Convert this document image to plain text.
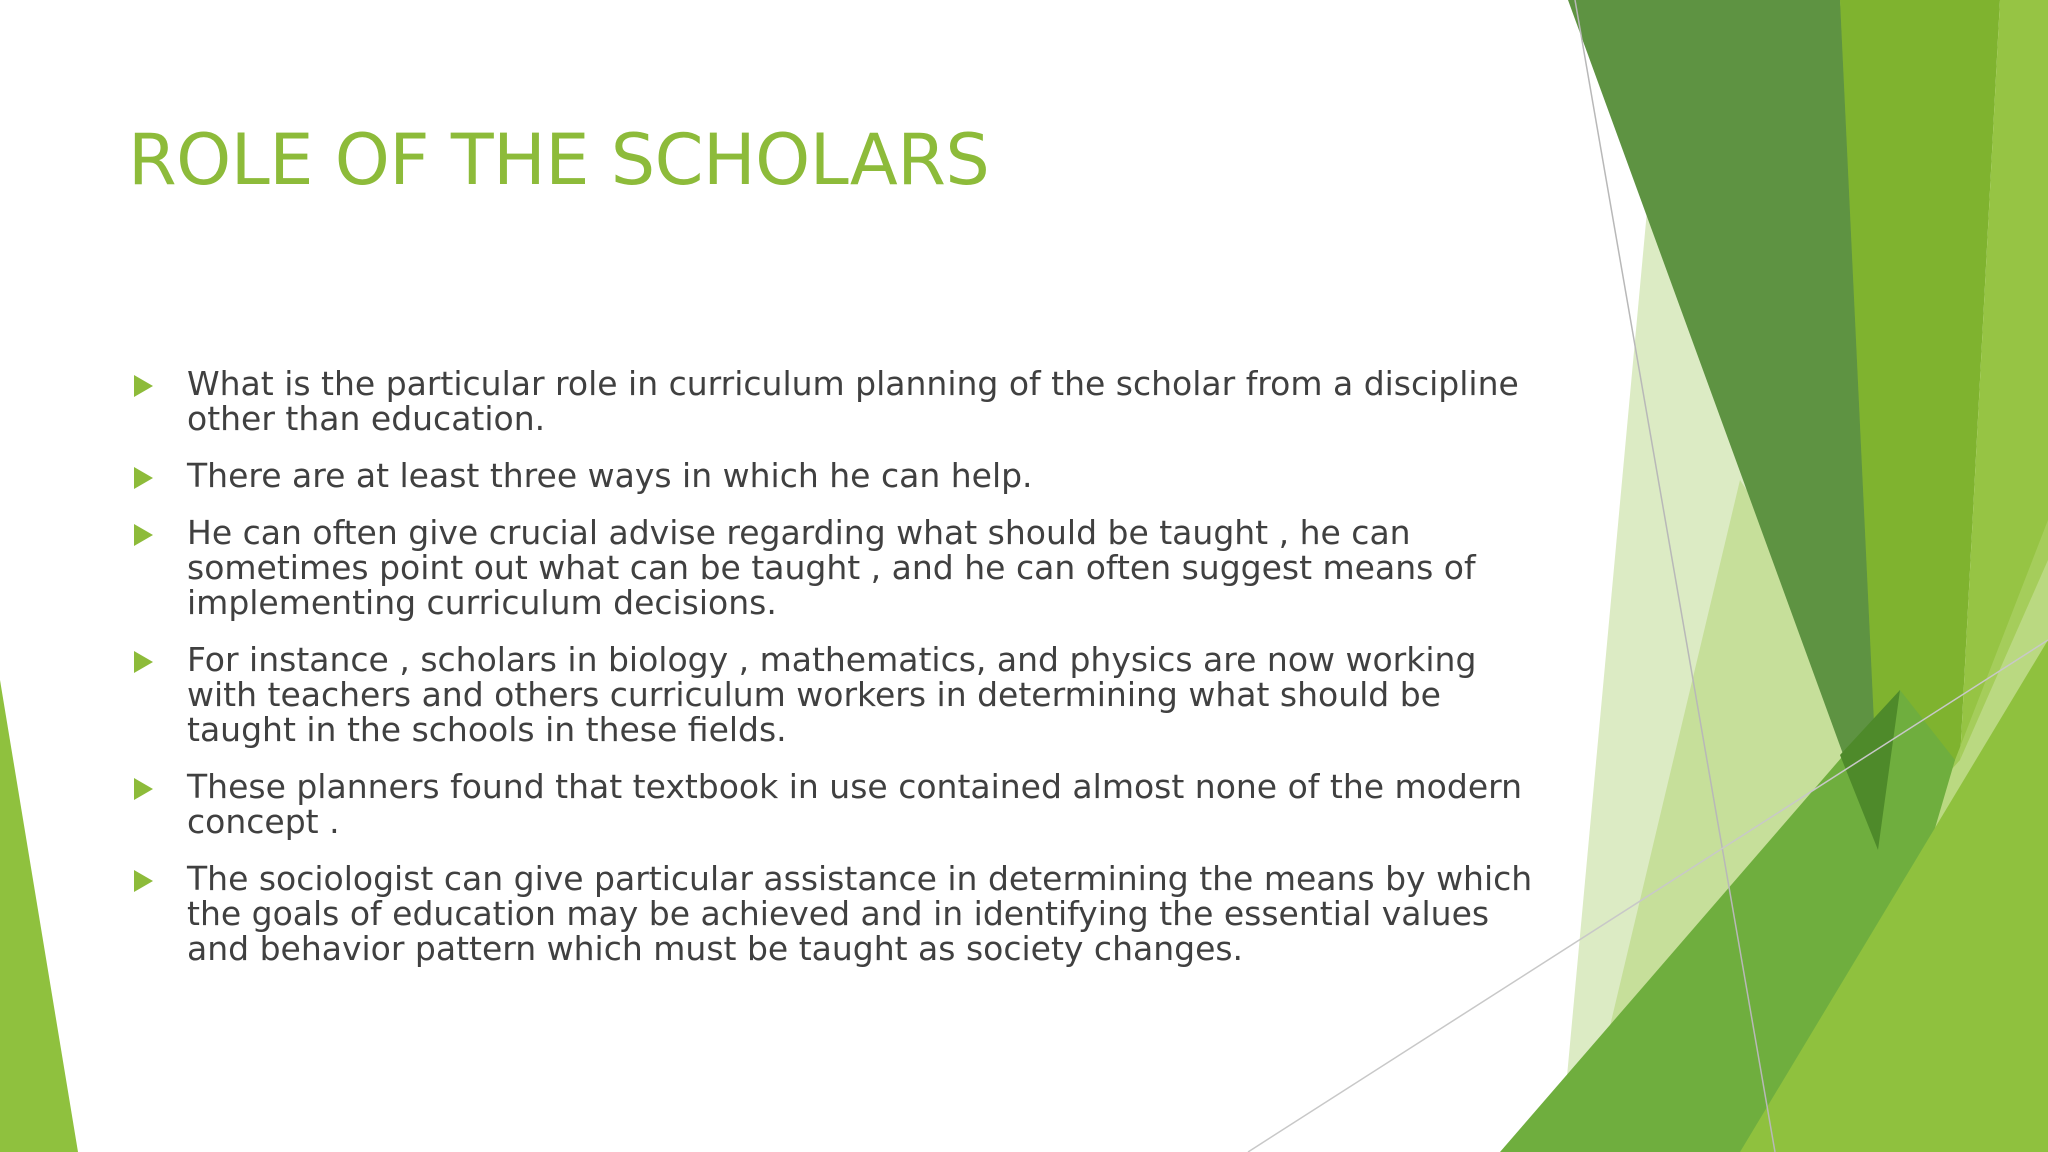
ROLE OF THE SCHOLARS
What is the particular role in curriculum planning of the scholar from a discipline other than education.
There are at least three ways in which he can help.
He can often give crucial advise regarding what should be taught , he can sometimes point out what can be taught , and he can often suggest means of implementing curriculum decisions.
For instance , scholars in biology , mathematics, and physics are now working with teachers and others curriculum workers in determining what should be taught in the schools in these fields.
These planners found that textbook in use contained almost none of the modern concept .
The sociologist can give particular assistance in determining the means by which the goals of education may be achieved and in identifying the essential values and behavior pattern which must be taught as society changes.
